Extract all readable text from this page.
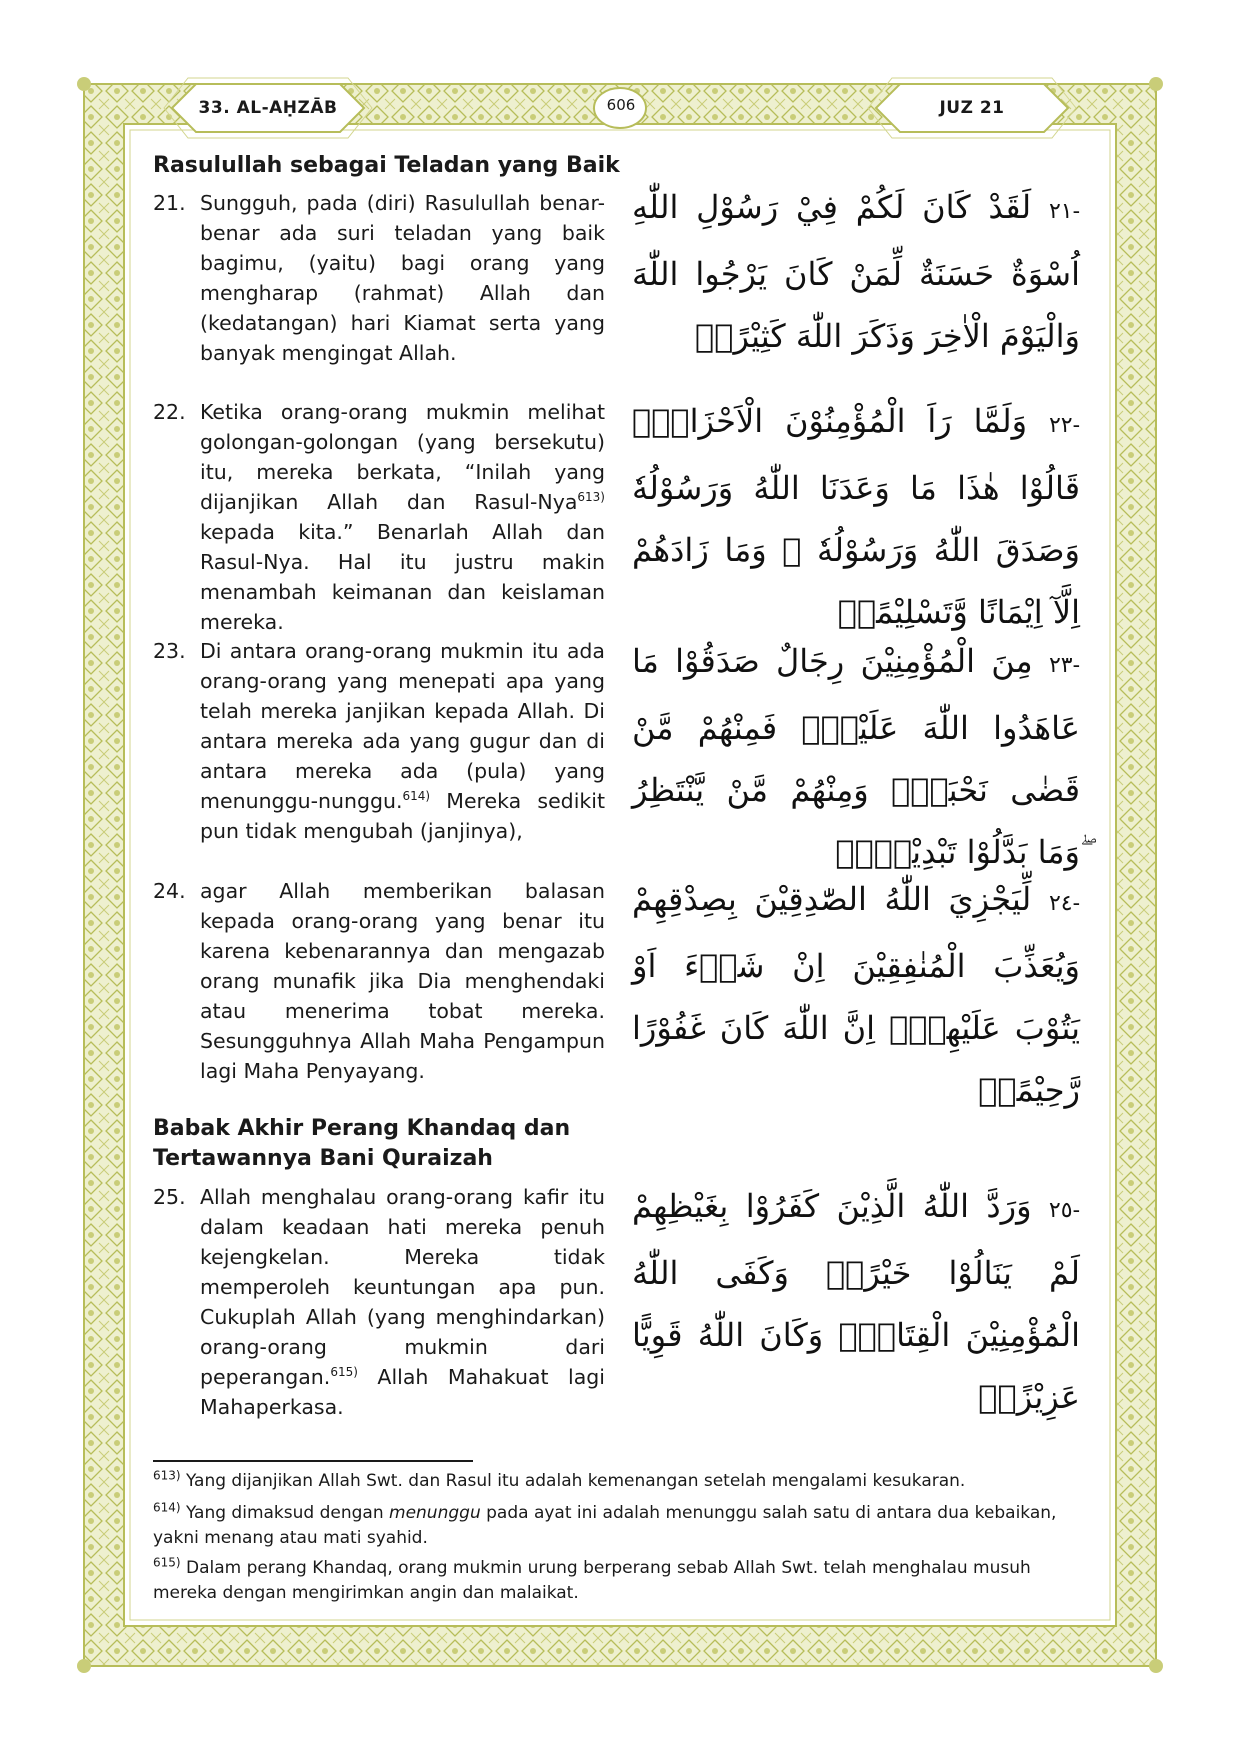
33. AL-AḤZĀB	606	JUZ 21
Rasulullah sebagai Teladan yang Baik
21. Sungguh, pada (diri) Rasulullah benar-benar ada suri teladan yang baik bagimu, (yaitu) bagi orang yang mengharap (rahmat) Allah dan (kedatangan) hari Kiamat serta yang banyak mengingat Allah.
-٢١ لَقَدْ كَانَ لَكُمْ فِيْ رَسُوْلِ اللّٰهِ اُسْوَةٌ حَسَنَةٌ لِّمَنْ كَانَ يَرْجُوا اللّٰهَ وَالْيَوْمَ الْاٰخِرَ وَذَكَرَ اللّٰهَ كَثِيْرًاۗ
22. Ketika orang-orang mukmin melihat golongan-golongan (yang bersekutu) itu, mereka berkata, “Inilah yang dijanjikan Allah dan Rasul-Nya$^{613)}$ kepada kita.” Benarlah Allah dan Rasul-Nya. Hal itu justru makin menambah keimanan dan keislaman mereka.
-٢٢ وَلَمَّا رَاَ الْمُؤْمِنُوْنَ الْاَحْزَابَۙ قَالُوْا هٰذَا مَا وَعَدَنَا اللّٰهُ وَرَسُوْلُهٗ وَصَدَقَ اللّٰهُ وَرَسُوْلُهٗ ۖ وَمَا زَادَهُمْ اِلَّآ اِيْمَانًا وَّتَسْلِيْمًاۗ
23. Di antara orang-orang mukmin itu ada orang-orang yang menepati apa yang telah mereka janjikan kepada Allah. Di antara mereka ada yang gugur dan di antara mereka ada (pula) yang menunggu-nunggu.$^{614)}$ Mereka sedikit pun tidak mengubah (janjinya),
-٢٣ مِنَ الْمُؤْمِنِيْنَ رِجَالٌ صَدَقُوْا مَا عَاهَدُوا اللّٰهَ عَلَيْهِۚ فَمِنْهُمْ مَّنْ قَضٰى نَحْبَهٗۙ وَمِنْهُمْ مَّنْ يَّنْتَظِرُ ۖوَمَا بَدَّلُوْا تَبْدِيْلًاۙ
24. agar Allah memberikan balasan kepada orang-orang yang benar itu karena kebenarannya dan mengazab orang munafik jika Dia menghendaki atau menerima tobat mereka. Sesungguhnya Allah Maha Pengampun lagi Maha Penyayang.
-٢٤ لِّيَجْزِيَ اللّٰهُ الصّٰدِقِيْنَ بِصِدْقِهِمْ وَيُعَذِّبَ الْمُنٰفِقِيْنَ اِنْ شَاۤءَ اَوْ يَتُوْبَ عَلَيْهِمْۗ اِنَّ اللّٰهَ كَانَ غَفُوْرًا رَّحِيْمًاۚ
Babak Akhir Perang Khandaq dan Tertawannya Bani Quraizah
25. Allah menghalau orang-orang kafir itu dalam keadaan hati mereka penuh kejengkelan. Mereka tidak memperoleh keuntungan apa pun. Cukuplah Allah (yang menghindarkan) orang-orang mukmin dari peperangan.$^{615)}$ Allah Mahakuat lagi Mahaperkasa.
-٢٥ وَرَدَّ اللّٰهُ الَّذِيْنَ كَفَرُوْا بِغَيْظِهِمْ لَمْ يَنَالُوْا خَيْرًاۗ وَكَفَى اللّٰهُ الْمُؤْمِنِيْنَ الْقِتَالَۗ وَكَانَ اللّٰهُ قَوِيًّا عَزِيْزًاۚ
$^{613)}$ Yang dijanjikan Allah Swt. dan Rasul itu adalah kemenangan setelah mengalami kesukaran.
$^{614)}$ Yang dimaksud dengan menunggu pada ayat ini adalah menunggu salah satu di antara dua kebaikan, yakni menang atau mati syahid.
$^{615)}$ Dalam perang Khandaq, orang mukmin urung berperang sebab Allah Swt. telah menghalau musuh mereka dengan mengirimkan angin dan malaikat.
